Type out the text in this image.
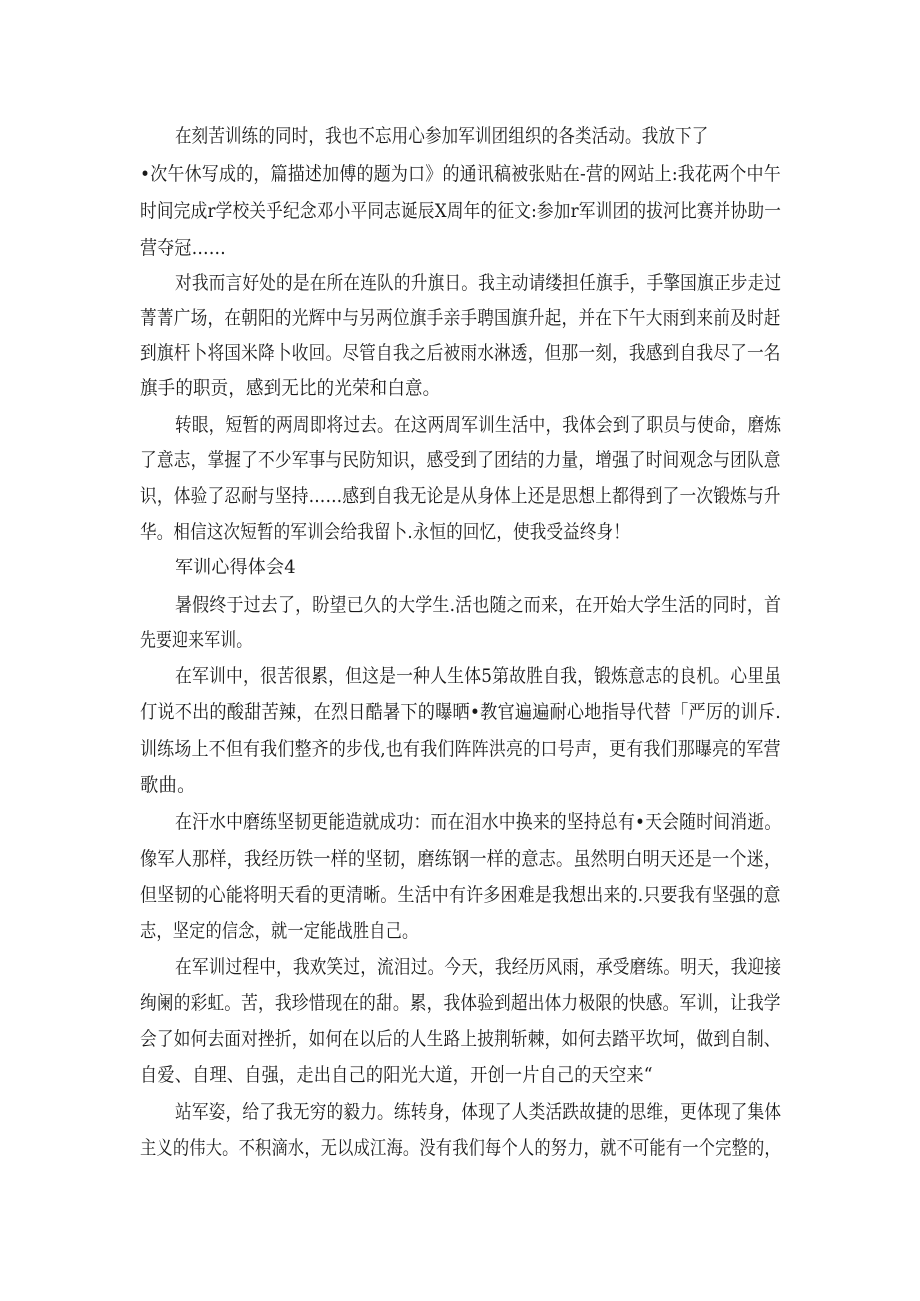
在刻苦训练的同时，我也不忘用心参加军训团组织的各类活动。我放下了
•次午休写成的，篇描述加傅的题为口》的通讯稿被张贴在-营的网站上:我花两个中午
时间完成r学校关乎纪念邓小平同志诞辰X周年的征文:参加r军训团的拔河比赛并协助一
营夺冠……
对我而言好处的是在所在连队的升旗日。我主动请缕担任旗手，手擎国旗正步走过
菁菁广场，在朝阳的光辉中与另两位旗手亲手聘国旗升起，并在下午大雨到来前及时赶
到旗杆卜将国米降卜收回。尽管自我之后被雨水淋透，但那一刻，我感到自我尽了一名
旗手的职贡，感到无比的光荣和白意。
转眼，短暂的两周即将过去。在这两周军训生活中，我体会到了职员与使命，磨炼
了意志，掌握了不少军事与民防知识，感受到了团结的力量，增强了时间观念与团队意
识，体验了忍耐与坚持……感到自我无论是从身体上还是思想上都得到了一次锻炼与升
华。相信这次短暂的军训会给我留卜.永恒的回忆，使我受益终身！
军训心得体会4
暑假终于过去了，盼望已久的大学生.活也随之而来，在开始大学生活的同时，首
先要迎来军训。
在军训中，很苦很累，但这是一种人生体5第故胜自我，锻炼意志的良机。心里虽
仃说不出的酸甜苦辣，在烈日酷暑下的曝晒•教官遍遍耐心地指导代替「严厉的训斥.
训练场上不但有我们整齐的步伐,也有我们阵阵洪亮的口号声，更有我们那曝亮的军营
歌曲。
在汗水中磨练坚韧更能造就成功：而在泪水中换来的坚持总有•天会随时间消逝。
像军人那样，我经历铁一样的坚韧，磨练钢一样的意志。虽然明白明天还是一个迷，
但坚韧的心能将明天看的更清晰。生活中有许多困难是我想出来的.只要我有坚强的意
志，坚定的信念，就一定能战胜自己。
在军训过程中，我欢笑过，流泪过。今天，我经历风雨，承受磨练。明天，我迎接
绚阑的彩虹。苦，我珍惜现在的甜。累，我体验到超出体力极限的快感。军训，让我学
会了如何去面对挫折，如何在以后的人生路上披荆斩棘，如何去踏平坎坷，做到自制、
自爱、自理、自强，走出自己的阳光大道，开创一片自己的天空来“
站军姿，给了我无穷的毅力。练转身，体现了人类活跌故捷的思维，更体现了集体
主义的伟大。不积滴水，无以成江海。没有我们每个人的努力，就不可能有一个完整的，
